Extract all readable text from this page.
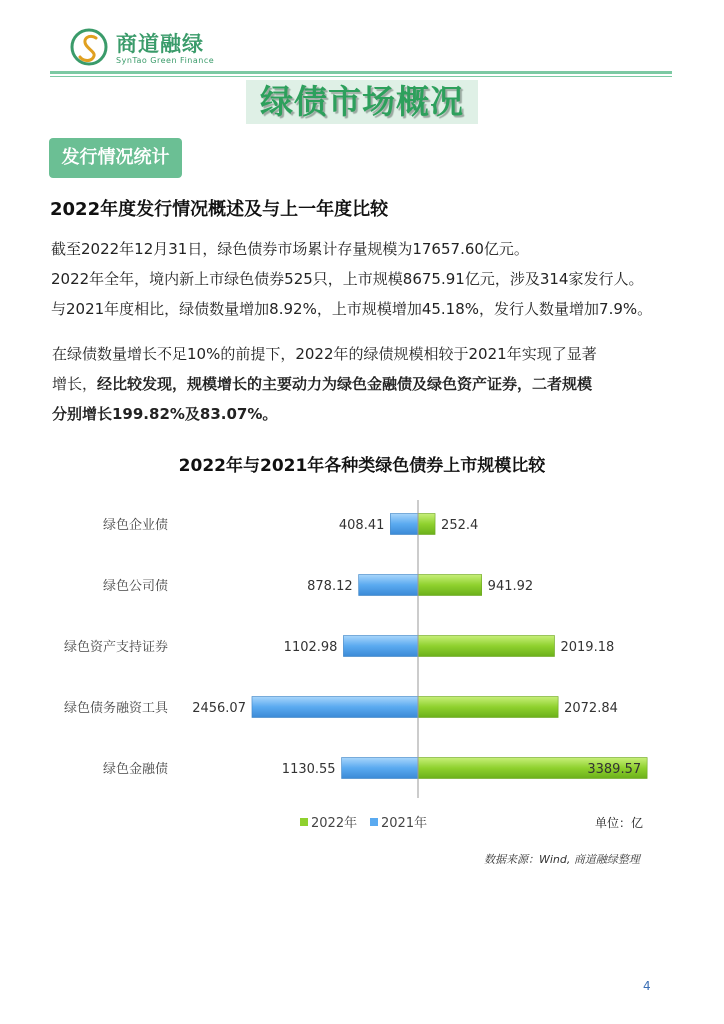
商道融绿
SynTao Green Finance
绿债市场概况
发行情况统计
2022年度发行情况概述及与上一年度比较
截至2022年12月31日，绿色债券市场累计存量规模为17657.60亿元。
2022年全年，境内新上市绿色债券525只，上市规模8675.91亿元，涉及314家发行人。
与2021年度相比，绿债数量增加8.92%，上市规模增加45.18%，发行人数量增加7.9%。
在绿债数量增长不足10%的前提下，2022年的绿债规模相较于2021年实现了显著
增长，经比较发现，规模增长的主要动力为绿色金融债及绿色资产证券，二者规模
分别增长199.82%及83.07%。
2022年与2021年各种类绿色债券上市规模比较
绿色企业债	408.41	252.4
绿色公司债	878.12	941.92
绿色资产支持证券	1102.98	2019.18
绿色债务融资工具 2456.07	2072.84
绿色金融债	1130.55	3389.57
2022年 2021年	单位：亿
数据来源：Wind, 商道融绿整理
4
